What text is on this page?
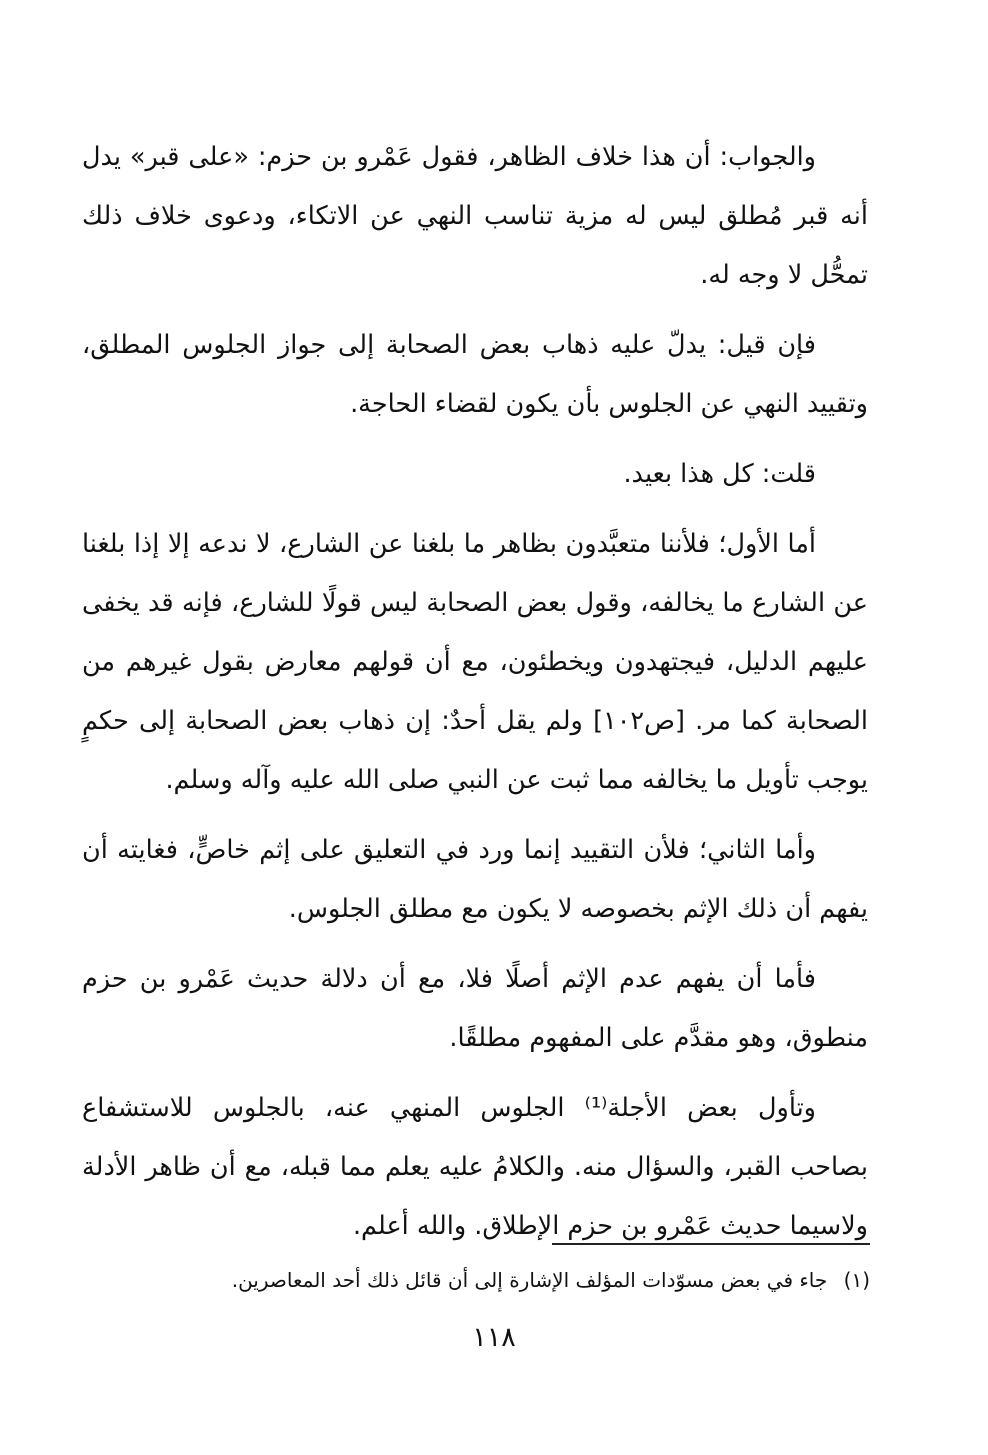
والجواب: أن هذا خلاف الظاهر، فقول عَمْرو بن حزم: «على قبر» يدل أنه قبر مُطلق ليس له مزية تناسب النهي عن الاتكاء، ودعوى خلاف ذلك تمحُّل لا وجه له.

فإن قيل: يدلّ عليه ذهاب بعض الصحابة إلى جواز الجلوس المطلق، وتقييد النهي عن الجلوس بأن يكون لقضاء الحاجة.

قلت: كل هذا بعيد.

أما الأول؛ فلأننا متعبَّدون بظاهر ما بلغنا عن الشارع، لا ندعه إلا إذا بلغنا عن الشارع ما يخالفه، وقول بعض الصحابة ليس قولًا للشارع، فإنه قد يخفى عليهم الدليل، فيجتهدون ويخطئون، مع أن قولهم معارض بقول غيرهم من الصحابة كما مر. [ص١٠٢] ولم يقل أحدٌ: إن ذهاب بعض الصحابة إلى حكمٍ يوجب تأويل ما يخالفه مما ثبت عن النبي صلى الله عليه وآله وسلم.

وأما الثاني؛ فلأن التقييد إنما ورد في التعليق على إثم خاصٍّ، فغايته أن يفهم أن ذلك الإثم بخصوصه لا يكون مع مطلق الجلوس.

فأما أن يفهم عدم الإثم أصلًا فلا، مع أن دلالة حديث عَمْرو بن حزم منطوق، وهو مقدَّم على المفهوم مطلقًا.

وتأول بعض الأجلة⁽¹⁾ الجلوس المنهي عنه، بالجلوس للاستشفاع بصاحب القبر، والسؤال منه. والكلامُ عليه يعلم مما قبله، مع أن ظاهر الأدلة ولاسيما حديث عَمْرو بن حزم الإطلاق. والله أعلم.

(١) جاء في بعض مسوّدات المؤلف الإشارة إلى أن قائل ذلك أحد المعاصرين.
١١٨
